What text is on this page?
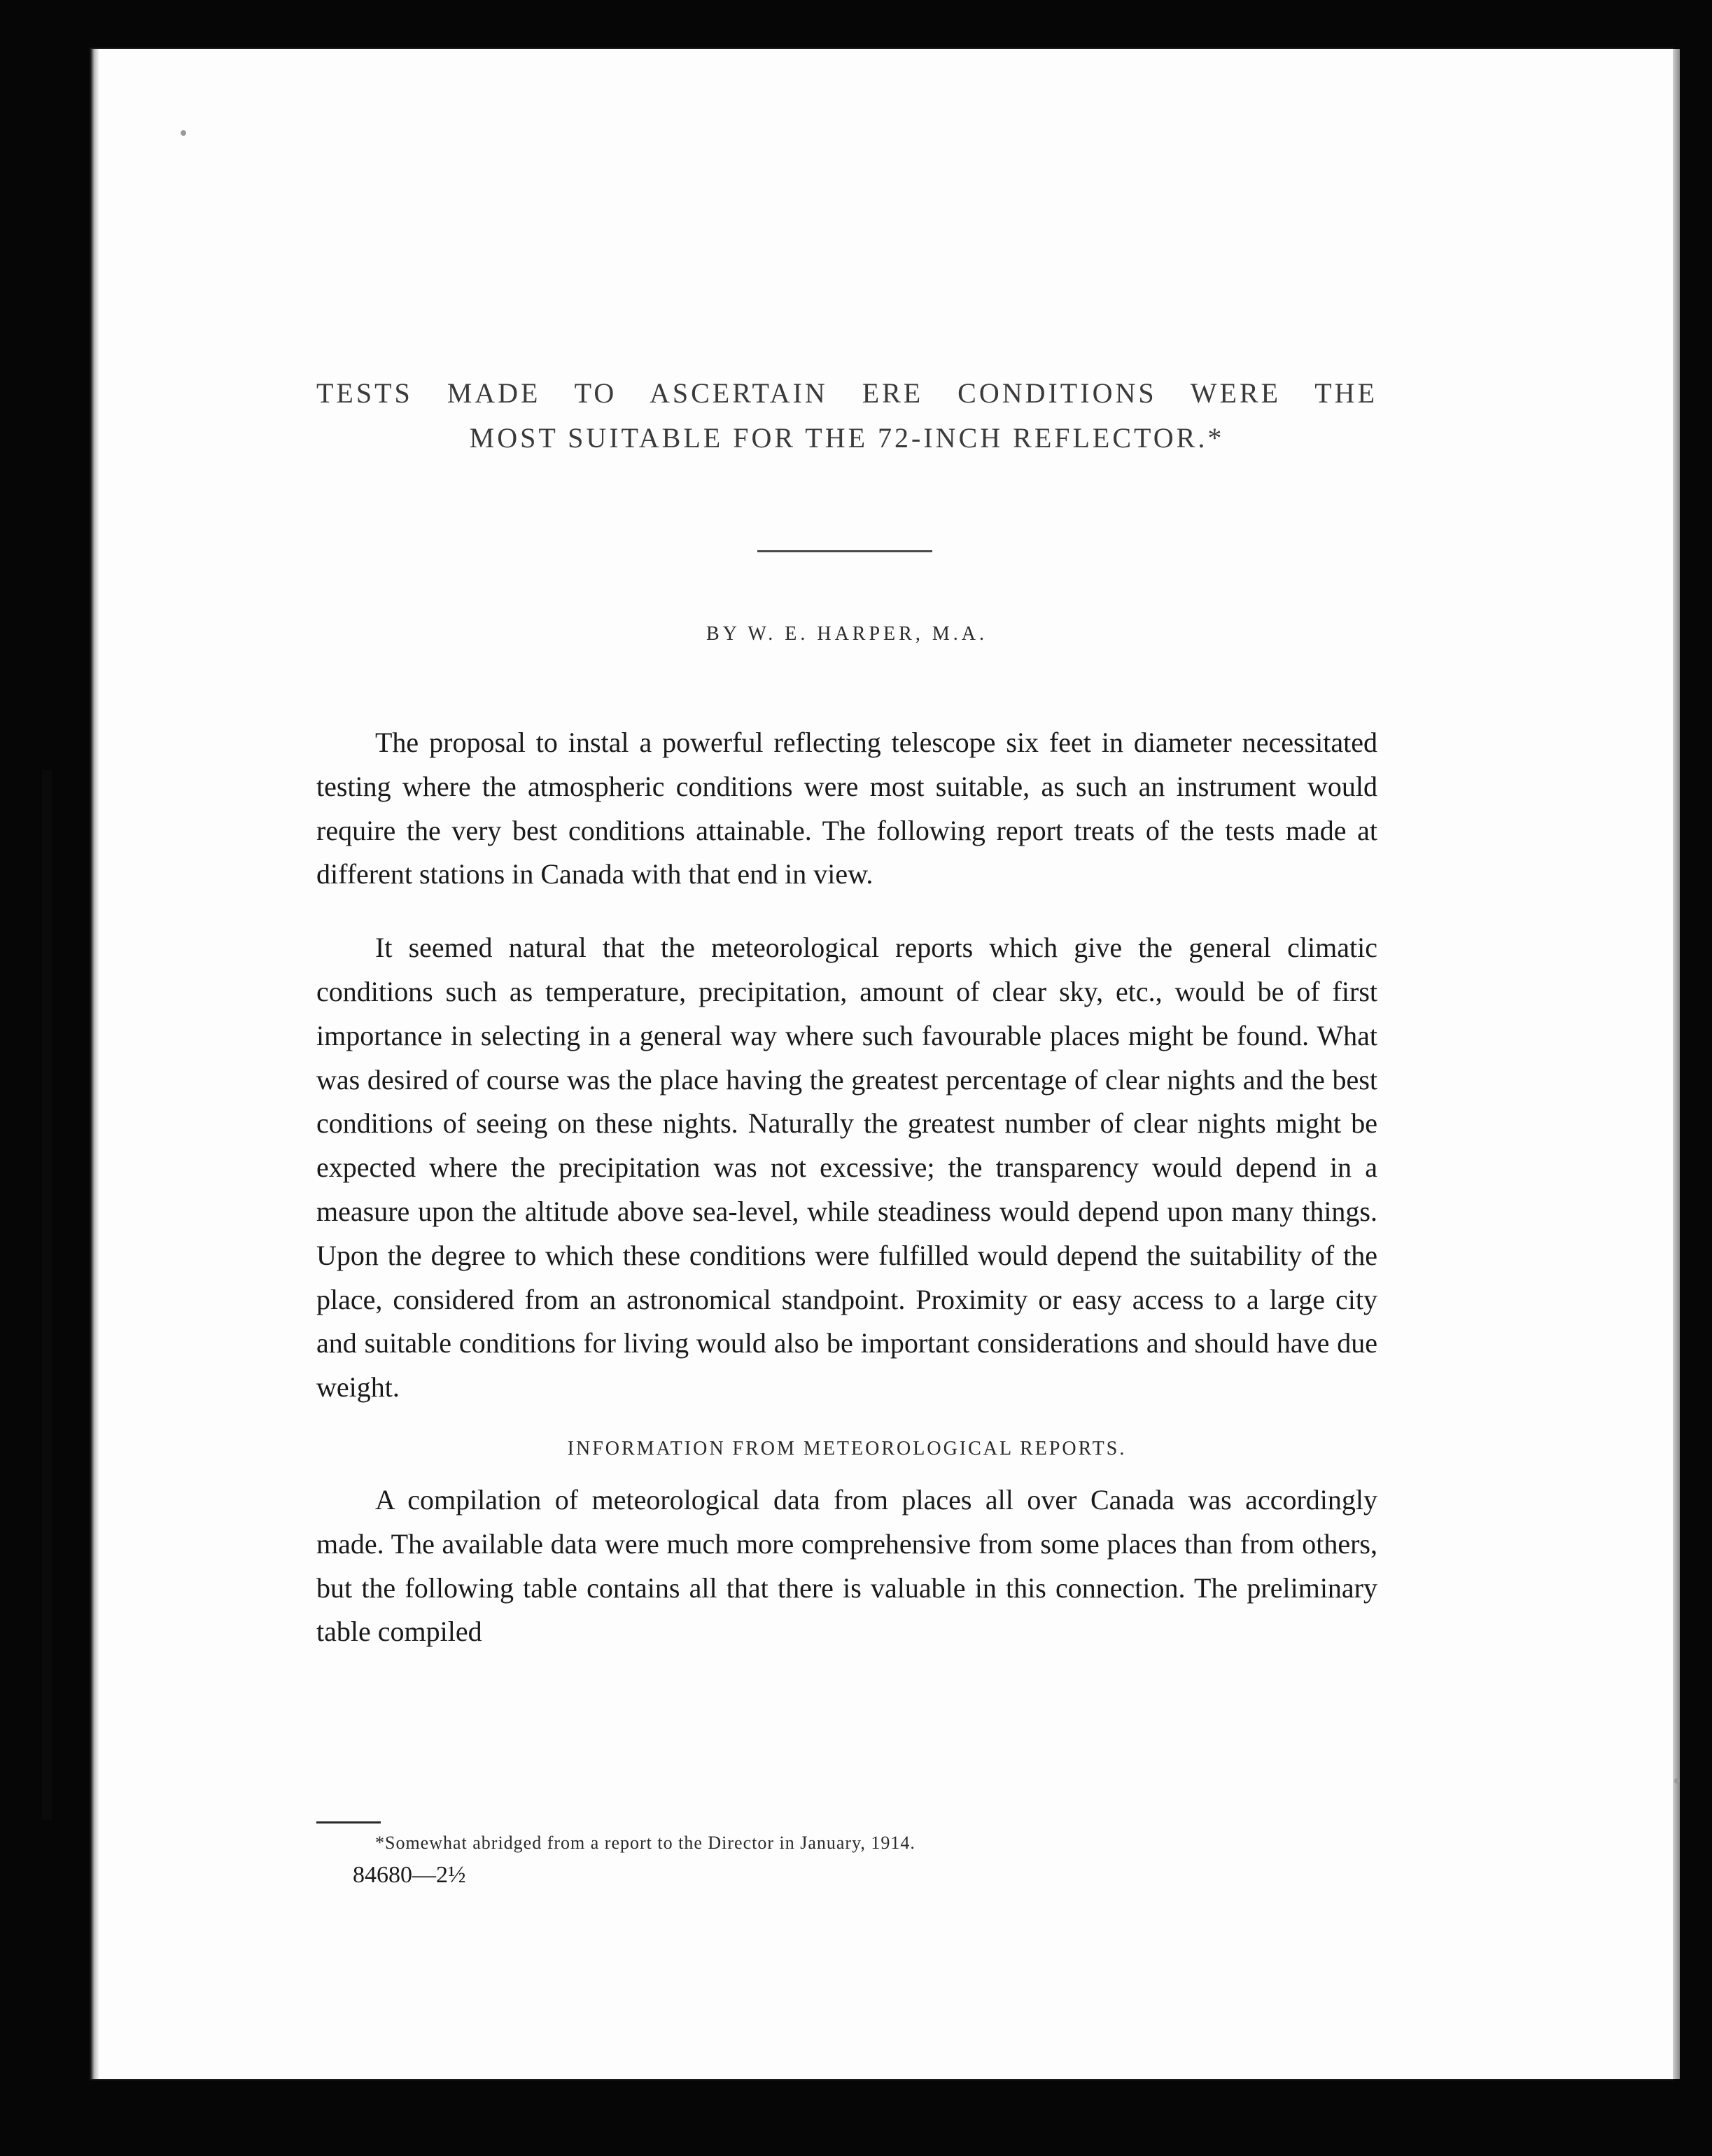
TESTS MADE TO ASCERTAIN ERE CONDITIONS WERE THE
MOST SUITABLE FOR THE 72-INCH REFLECTOR.*
BY W. E. HARPER, M.A.

The proposal to instal a powerful reflecting telescope six feet in diameter necessitated testing where the atmospheric conditions were most suitable, as such an instrument would require the very best conditions attainable. The following report treats of the tests made at different stations in Canada with that end in view.

It seemed natural that the meteorological reports which give the general climatic conditions such as temperature, precipitation, amount of clear sky, etc., would be of first importance in selecting in a general way where such favourable places might be found. What was desired of course was the place having the greatest percentage of clear nights and the best conditions of seeing on these nights. Naturally the greatest number of clear nights might be expected where the precipitation was not excessive; the transparency would depend in a measure upon the altitude above sea-level, while steadiness would depend upon many things. Upon the degree to which these conditions were fulfilled would depend the suitability of the place, considered from an astronomical standpoint. Proximity or easy access to a large city and suitable conditions for living would also be important considerations and should have due weight.

INFORMATION FROM METEOROLOGICAL REPORTS.

A compilation of meteorological data from places all over Canada was accordingly made. The available data were much more comprehensive from some places than from others, but the following table contains all that there is valuable in this connection. The preliminary table compiled

*Somewhat abridged from a report to the Director in January, 1914.
84680—2½
